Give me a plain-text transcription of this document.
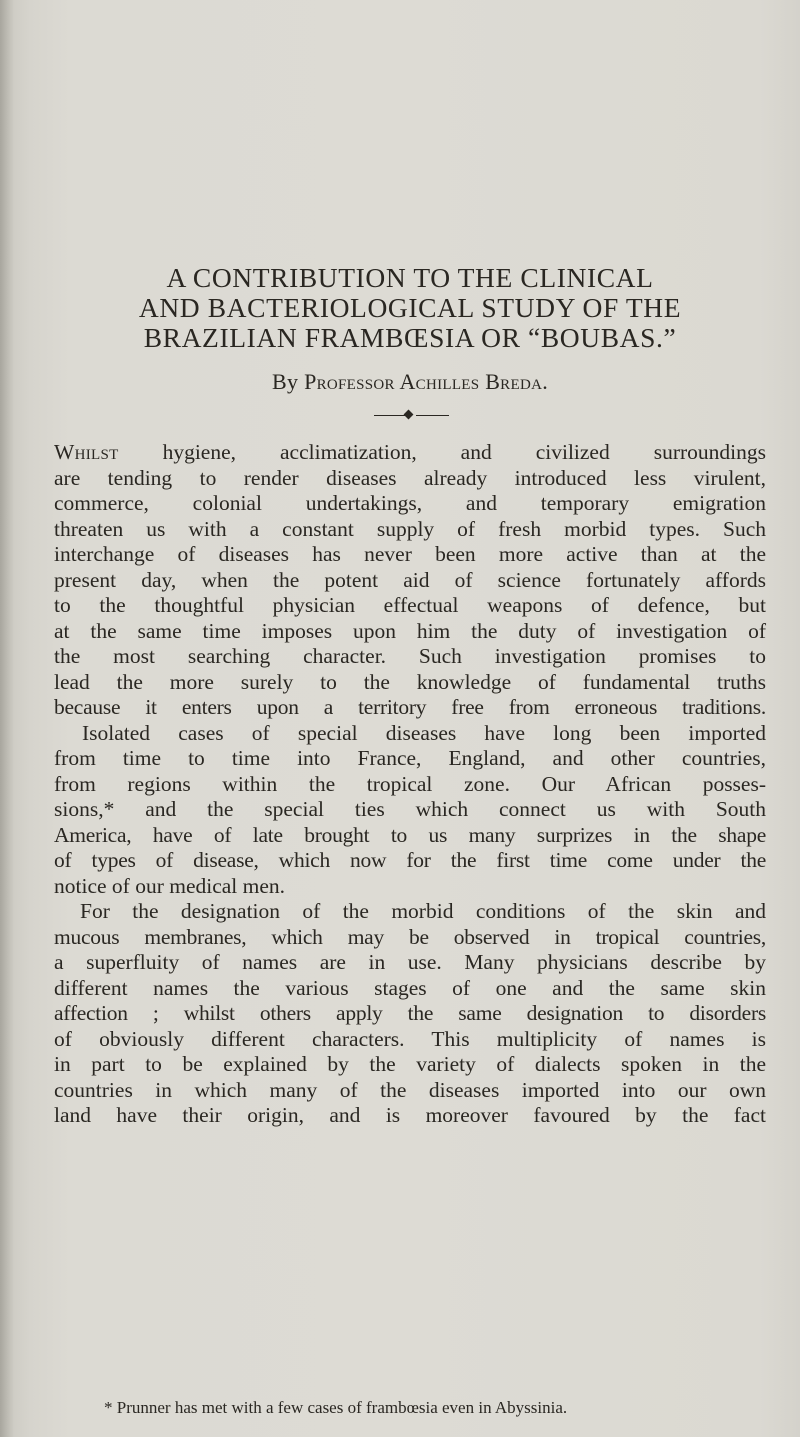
A CONTRIBUTION TO THE CLINICAL
AND BACTERIOLOGICAL STUDY OF THE
BRAZILIAN FRAMBŒSIA OR “BOUBAS.”
By Professor Achilles Breda.
Whilst hygiene, acclimatization, and civilized surroundings
are tending to render diseases already introduced less virulent,
commerce, colonial undertakings, and temporary emigration
threaten us with a constant supply of fresh morbid types. Such
interchange of diseases has never been more active than at the
present day, when the potent aid of science fortunately affords
to the thoughtful physician effectual weapons of defence, but
at the same time imposes upon him the duty of investigation of
the most searching character. Such investigation promises to
lead the more surely to the knowledge of fundamental truths
because it enters upon a territory free from erroneous traditions.
Isolated cases of special diseases have long been imported
from time to time into France, England, and other countries,
from regions within the tropical zone. Our African posses-
sions,* and the special ties which connect us with South
America, have of late brought to us many surprizes in the shape
of types of disease, which now for the first time come under the
notice of our medical men.
For the designation of the morbid conditions of the skin and
mucous membranes, which may be observed in tropical countries,
a superfluity of names are in use. Many physicians describe by
different names the various stages of one and the same skin
affection ; whilst others apply the same designation to disorders
of obviously different characters. This multiplicity of names is
in part to be explained by the variety of dialects spoken in the
countries in which many of the diseases imported into our own
land have their origin, and is moreover favoured by the fact
* Prunner has met with a few cases of frambœsia even in Abyssinia.
